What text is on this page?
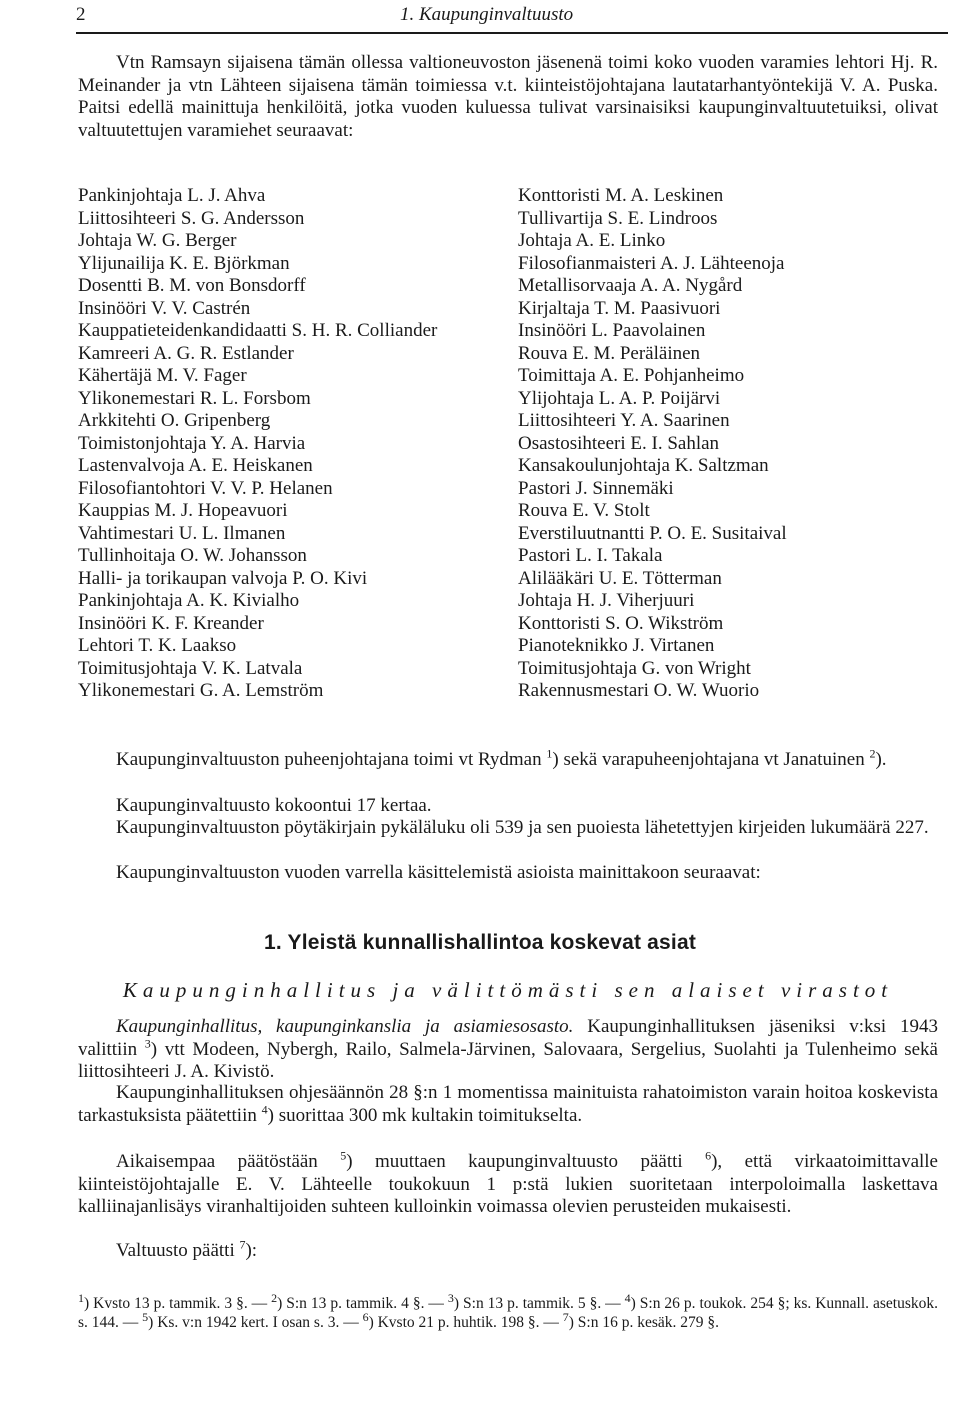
2	1. Kaupunginvaltuusto

Vtn Ramsayn sijaisena tämän ollessa valtioneuvoston jäsenenä toimi koko vuoden varamies lehtori Hj. R. Meinander ja vtn Lähteen sijaisena tämän toimiessa v.t. kiinteistöjohtajana lautatarhantyöntekijä V. A. Puska. Paitsi edellä mainittuja henkilöitä, jotka vuoden kuluessa tulivat varsinaisiksi kaupunginvaltuutetuiksi, olivat valtuutettujen varamiehet seuraavat:

Pankinjohtaja L. J. Ahva
Liittosihteeri S. G. Andersson
Johtaja W. G. Berger
Ylijunailija K. E. Björkman
Dosentti B. M. von Bonsdorff
Insinööri V. V. Castrén
Kauppatieteidenkandidaatti S. H. R. Colliander
Kamreeri A. G. R. Estlander
Kähertäjä M. V. Fager
Ylikonemestari R. L. Forsbom
Arkkitehti O. Gripenberg
Toimistonjohtaja Y. A. Harvia
Lastenvalvoja A. E. Heiskanen
Filosofiantohtori V. V. P. Helanen
Kauppias M. J. Hopeavuori
Vahtimestari U. L. Ilmanen
Tullinhoitaja O. W. Johansson
Halli- ja torikaupan valvoja P. O. Kivi
Pankinjohtaja A. K. Kivialho
Insinööri K. F. Kreander
Lehtori T. K. Laakso
Toimitusjohtaja V. K. Latvala
Ylikonemestari G. A. Lemström
Konttoristi M. A. Leskinen
Tullivartija S. E. Lindroos
Johtaja A. E. Linko
Filosofianmaisteri A. J. Lähteenoja
Metallisorvaaja A. A. Nygård
Kirjaltaja T. M. Paasivuori
Insinööri L. Paavolainen
Rouva E. M. Peräläinen
Toimittaja A. E. Pohjanheimo
Ylijohtaja L. A. P. Poijärvi
Liittosihteeri Y. A. Saarinen
Osastosihteeri E. I. Sahlan
Kansakoulunjohtaja K. Saltzman
Pastori J. Sinnemäki
Rouva E. V. Stolt
Everstiluutnantti P. O. E. Susitaival
Pastori L. I. Takala
Alilääkäri U. E. Tötterman
Johtaja H. J. Viherjuuri
Konttoristi S. O. Wikström
Pianoteknikko J. Virtanen
Toimitusjohtaja G. von Wright
Rakennusmestari O. W. Wuorio

Kaupunginvaltuuston puheenjohtajana toimi vt Rydman $^1$) sekä varapuheenjohtajana vt Janatuinen $^2$).

Kaupunginvaltuusto kokoontui 17 kertaa.

Kaupunginvaltuuston pöytäkirjain pykäläluku oli 539 ja sen puoiesta lähetettyjen kirjeiden lukumäärä 227.

Kaupunginvaltuuston vuoden varrella käsittelemistä asioista mainittakoon seuraavat:

1. Yleistä kunnallishallintoa koskevat asiat
Kaupunginhallitus ja välittömästi sen alaiset virastot

Kaupunginhallitus, kaupunginkanslia ja asiamiesosasto. Kaupunginhallituksen jäseniksi v:ksi 1943 valittiin $^3$) vtt Modeen, Nybergh, Railo, Salmela-Järvinen, Salovaara, Sergelius, Suolahti ja Tulenheimo sekä liittosihteeri J. A. Kivistö.

Kaupunginhallituksen ohjesäännön 28 §:n 1 momentissa mainituista rahatoimiston varain hoitoa koskevista tarkastuksista päätettiin $^4$) suorittaa 300 mk kultakin toimitukselta.

Aikaisempaa päätöstään $^5$) muuttaen kaupunginvaltuusto päätti $^6$), että virkaatoimittavalle kiinteistöjohtajalle E. V. Lähteelle toukokuun 1 p:stä lukien suoritetaan interpoloimalla laskettava kalliinajanlisäys viranhaltijoiden suhteen kulloinkin voimassa olevien perusteiden mukaisesti.

Valtuusto päätti $^7$):

$^1$) Kvsto 13 p. tammik. 3 §. — $^2$) S:n 13 p. tammik. 4 §. — $^3$) S:n 13 p. tammik. 5 §. — $^4$) S:n 26 p. toukok. 254 §; ks. Kunnall. asetuskok. s. 144. — $^5$) Ks. v:n 1942 kert. I osan s. 3. — $^6$) Kvsto 21 p. huhtik. 198 §. — $^7$) S:n 16 p. kesäk. 279 §.
